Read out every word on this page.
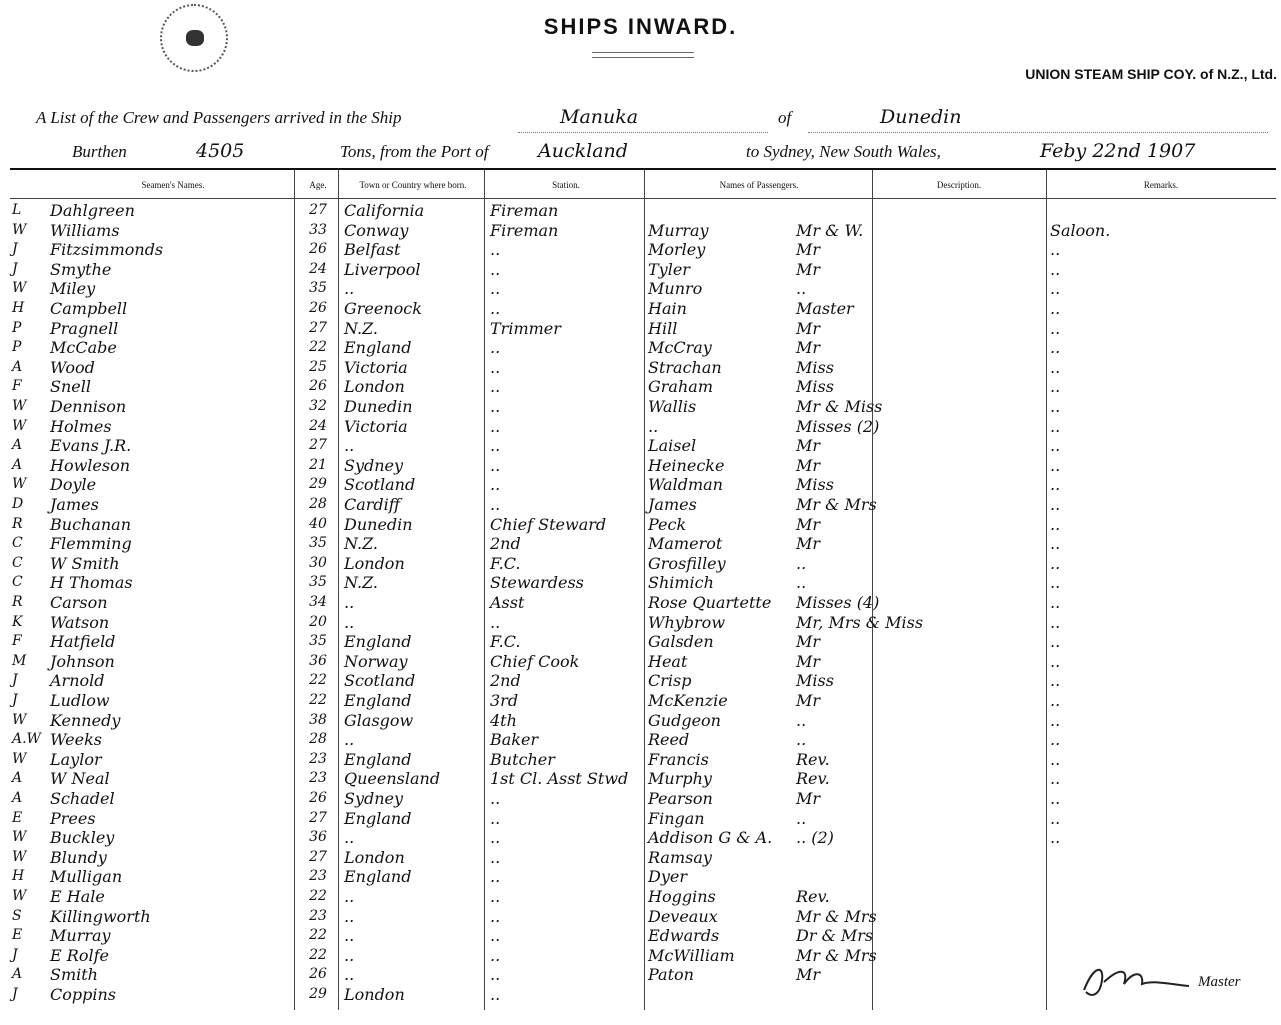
SHIPS INWARD.
UNION STEAM SHIP COY. of N.Z., Ltd.
A List of the Crew and Passengers arrived in the Ship	Manuka	of	Dunedin
Burthen	4505	Tons, from the Port of	Auckland	to Sydney, New South Wales,	Feby 22nd 1907
Seamen's Names.	Age.	Town or Country where born.	Station.	Names of Passengers.	Description.	Remarks.
L	Dahlgreen	27	California	Fireman
W	Williams	33	Conway	Fireman	Murray	Mr & W.	Saloon.
J	Fitzsimmonds	26	Belfast	..	Morley	Mr	..
J	Smythe	24	Liverpool	..	Tyler	Mr	..
W	Miley	35	..	..	Munro	..	..
H	Campbell	26	Greenock	..	Hain	Master	..
P	Pragnell	27	N.Z.	Trimmer	Hill	Mr	..
P	McCabe	22	England	..	McCray	Mr	..
A	Wood	25	Victoria	..	Strachan	Miss	..
F	Snell	26	London	..	Graham	Miss	..
W	Dennison	32	Dunedin	..	Wallis	Mr & Miss	..
W	Holmes	24	Victoria	..	..	Misses (2)	..
A	Evans J.R.	27	..	..	Laisel	Mr	..
A	Howleson	21	Sydney	..	Heinecke	Mr	..
W	Doyle	29	Scotland	..	Waldman	Miss	..
D	James	28	Cardiff	..	James	Mr & Mrs	..
R	Buchanan	40	Dunedin	Chief Steward	Peck	Mr	..
C	Flemming	35	N.Z.	2nd	Mamerot	Mr	..
C	W Smith	30	London	F.C.	Grosfilley	..	..
C	H Thomas	35	N.Z.	Stewardess	Shimich	..	..
R	Carson	34	..	Asst	Rose Quartette	Misses (4)	..
K	Watson	20	..	..	Whybrow	Mr, Mrs & Miss	..
F	Hatfield	35	England	F.C.	Galsden	Mr	..
M	Johnson	36	Norway	Chief Cook	Heat	Mr	..
J	Arnold	22	Scotland	2nd	Crisp	Miss	..
J	Ludlow	22	England	3rd	McKenzie	Mr	..
W	Kennedy	38	Glasgow	4th	Gudgeon	..	..
A.W Weeks	28	..	Baker	Reed	..	..
W	Laylor	23	England	Butcher	Francis	Rev.	..
A	W Neal	23	Queensland	1st Cl. Asst Stwd	Murphy	Rev.	..
A	Schadel	26	Sydney	..	Pearson	Mr	..
E	Prees	27	England	..	Fingan	..	..
W	Buckley	36	..	..	Addison G & A.	.. (2)	..
W	Blundy	27	London	..	Ramsay
H	Mulligan	23	England	..	Dyer
W	E Hale	22	..	..	Hoggins	Rev.
S	Killingworth	23	..	..	Deveaux	Mr & Mrs
E	Murray	22	..	..	Edwards	Dr & Mrs
J	E Rolfe	22	..	..	McWilliam	Mr & Mrs
A	Smith	26	..	..	Paton	Mr
J	Coppins	29	London	..
Master
